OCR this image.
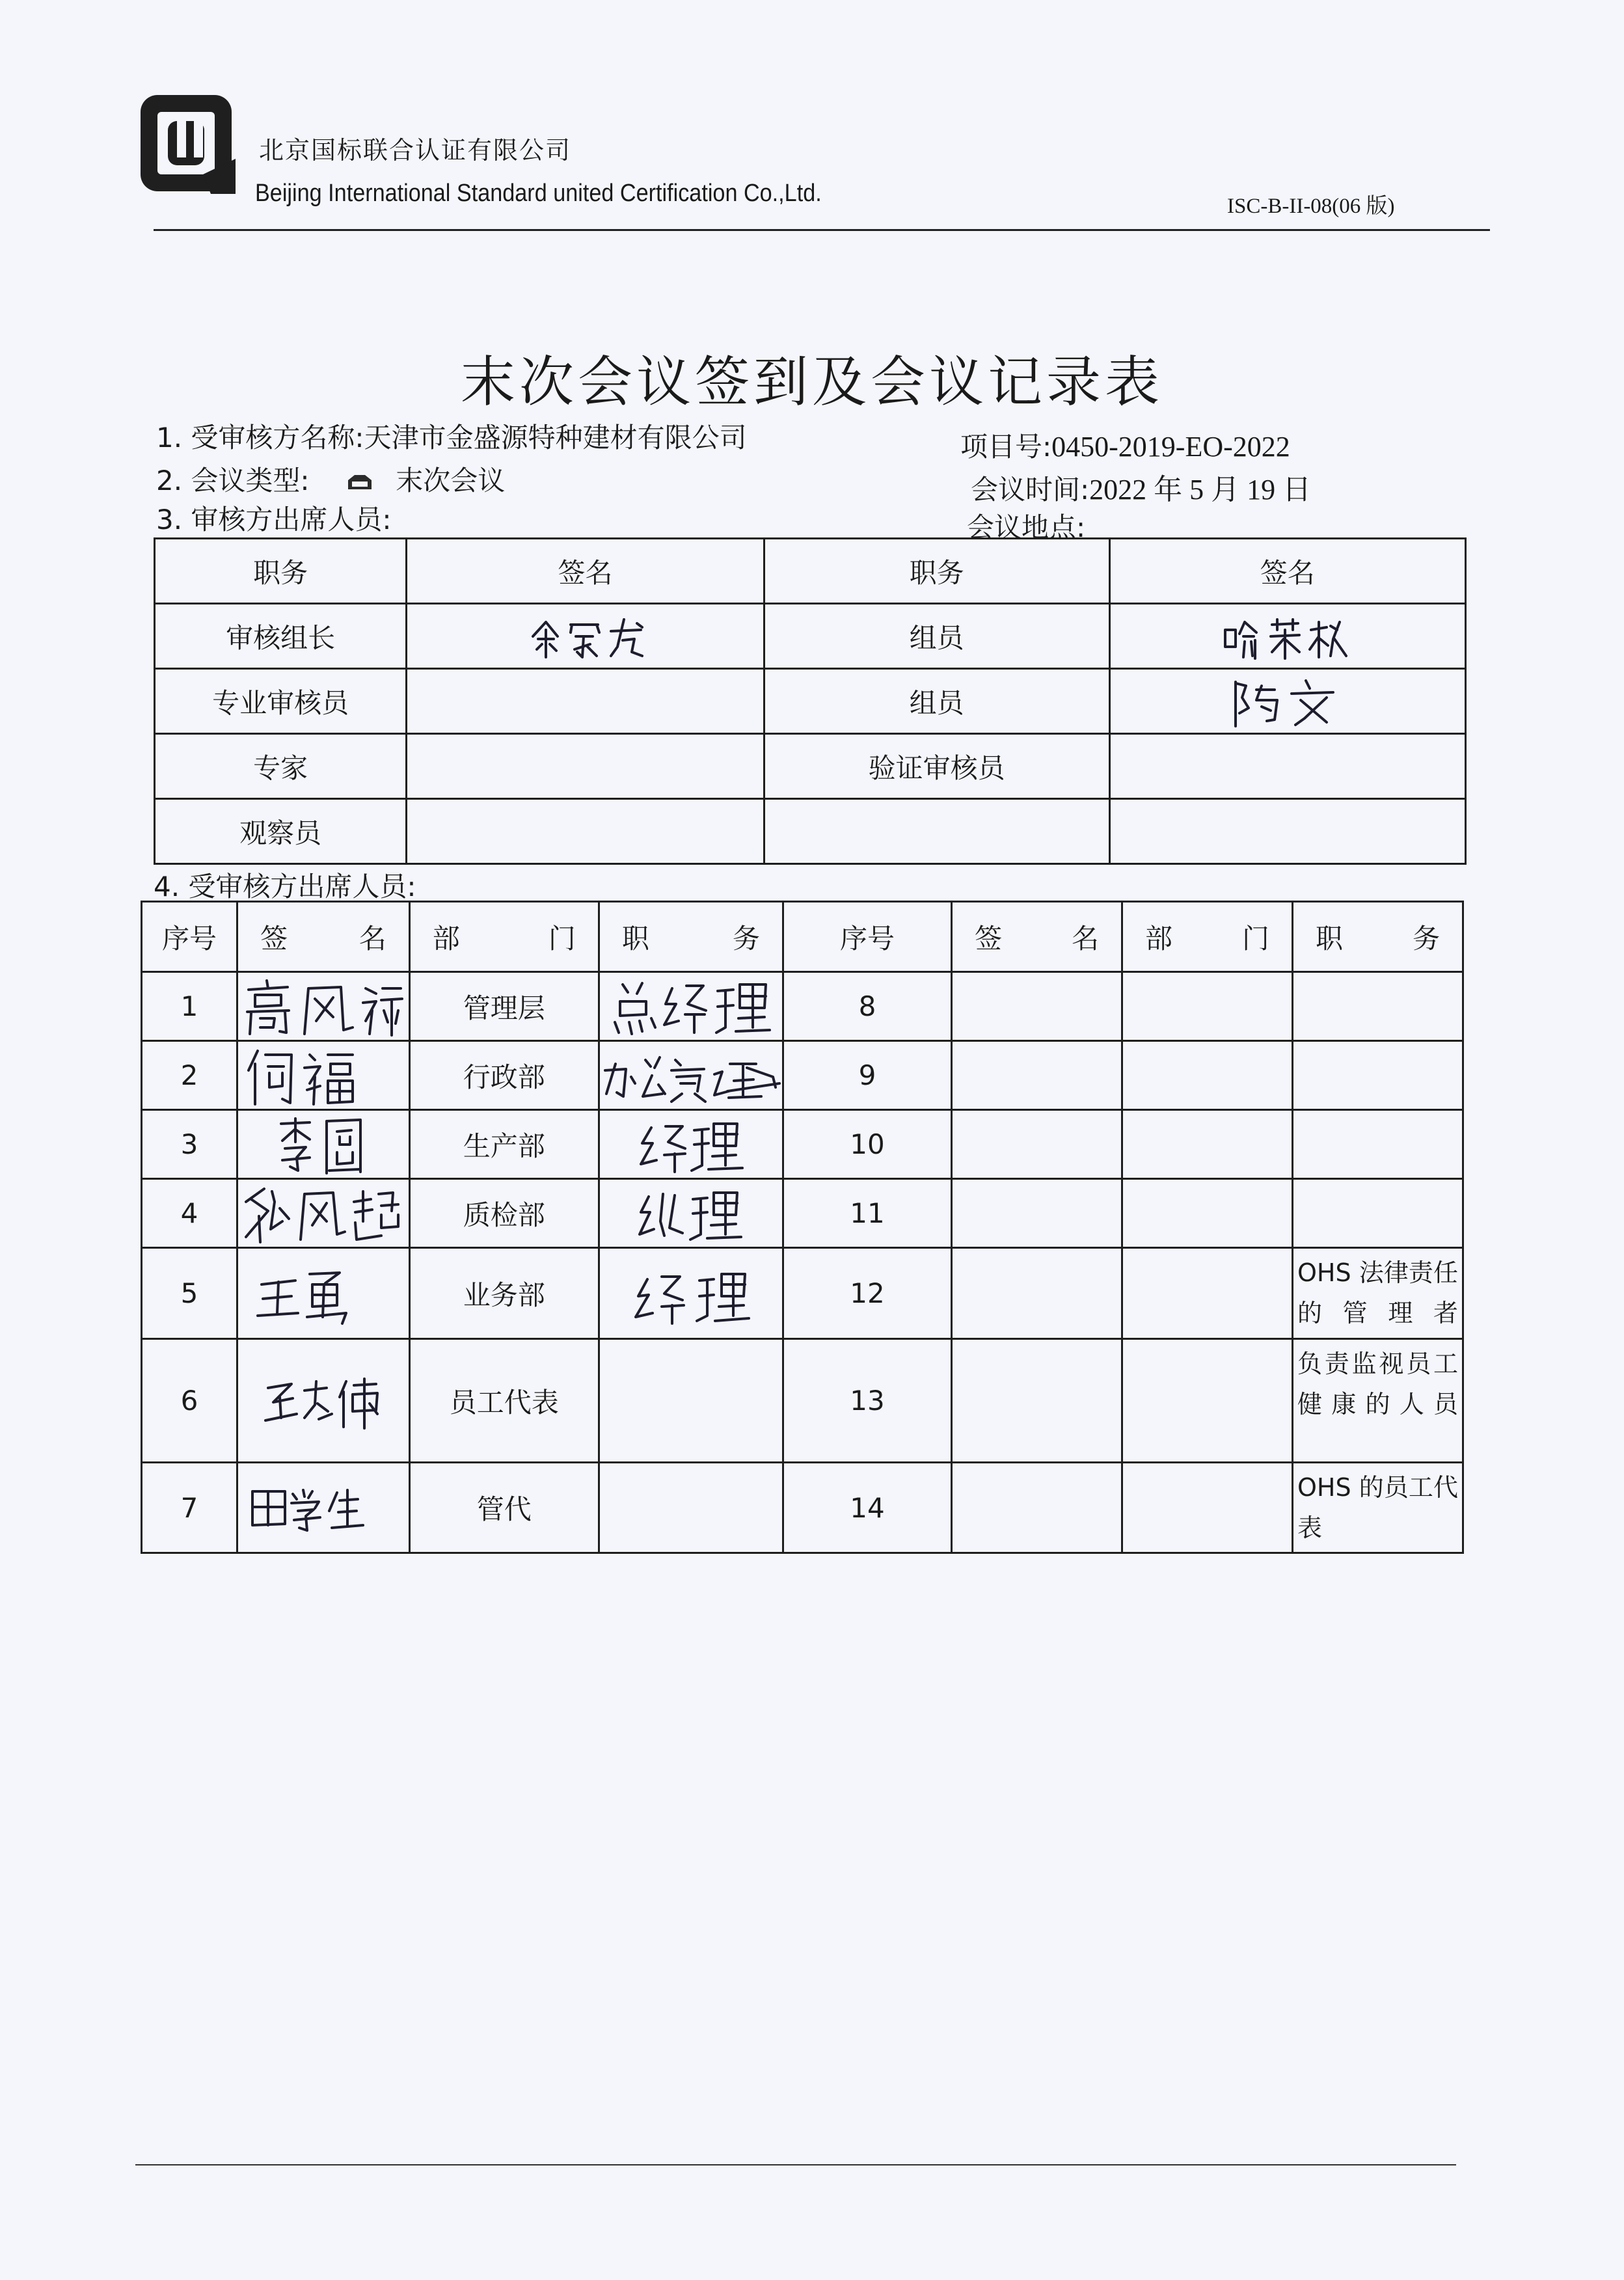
北京国标联合认证有限公司
Beijing International Standard united Certification Co.,Ltd.	ISC-B-II-08(06 版)
末次会议签到及会议记录表
1. 受审核方名称:天津市金盛源特种建材有限公司
2. 会议类型:	末次会议
3. 审核方出席人员:
项目号:0450-2019-EO-2022
会议时间:2022 年 5 月 19 日
会议地点:
职务	签名	职务	签名
审核组长		组员	

专业审核员		组员	

专家		验证审核员	
观察员			
4. 受审核方出席人员:
序号	签 名	部 门	职 务	序号	签 名	部 门	职 务

1		管理层		8			
2		行政部		9			
3		生产部		10			
4		质检部		11			
5		业务部		12			OHS 法律责任的管理者
6		员工代表		13			负责监视员工健康的人员
7		管代		14			OHS 的员工代表
